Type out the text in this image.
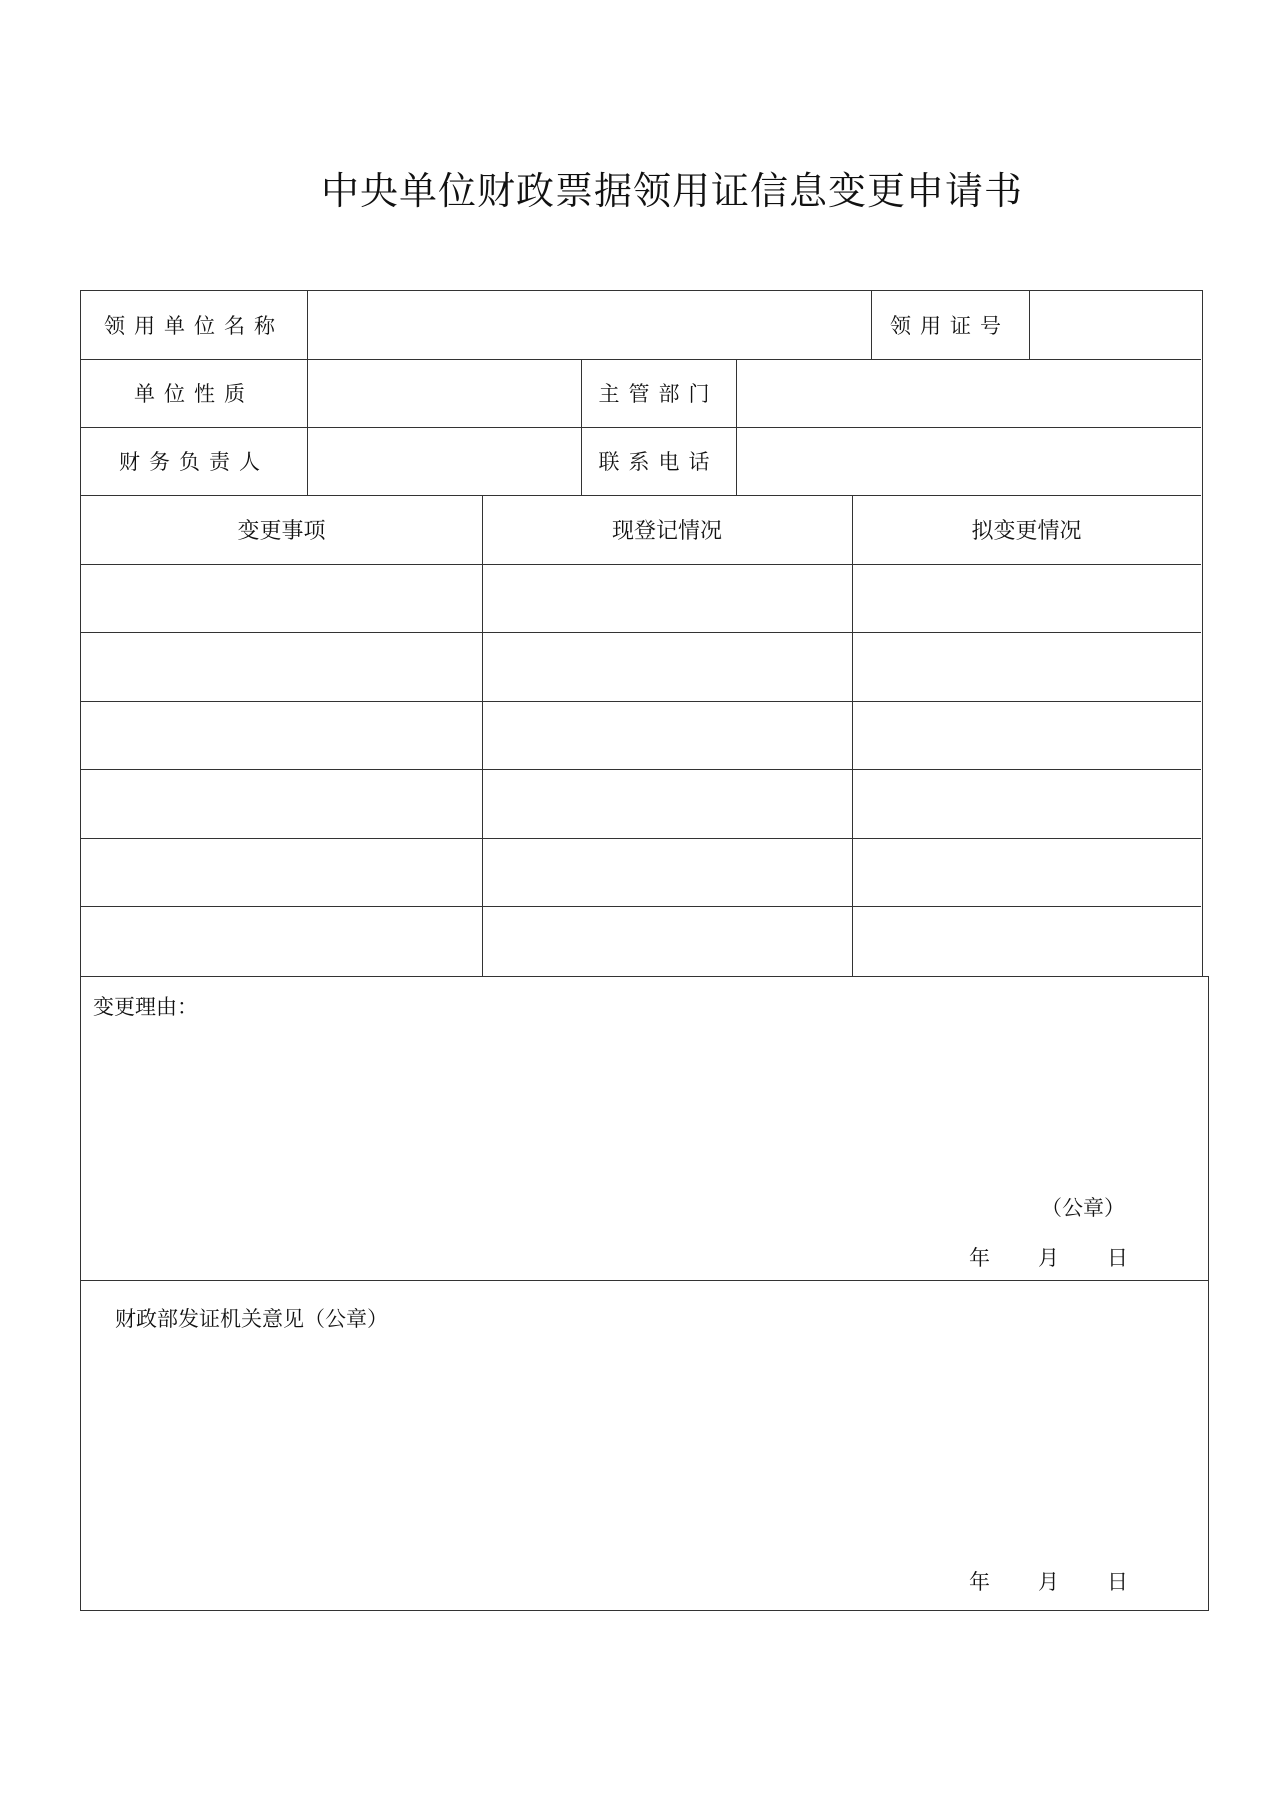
中央单位财政票据领用证信息变更申请书
领用单位名称	领用证号
单位性质	主管部门
财务负责人	联系电话
变更事项	现登记情况	拟变更情况
变更理由：
（公章）
年 月 日
财政部发证机关意见（公章）
年 月 日
